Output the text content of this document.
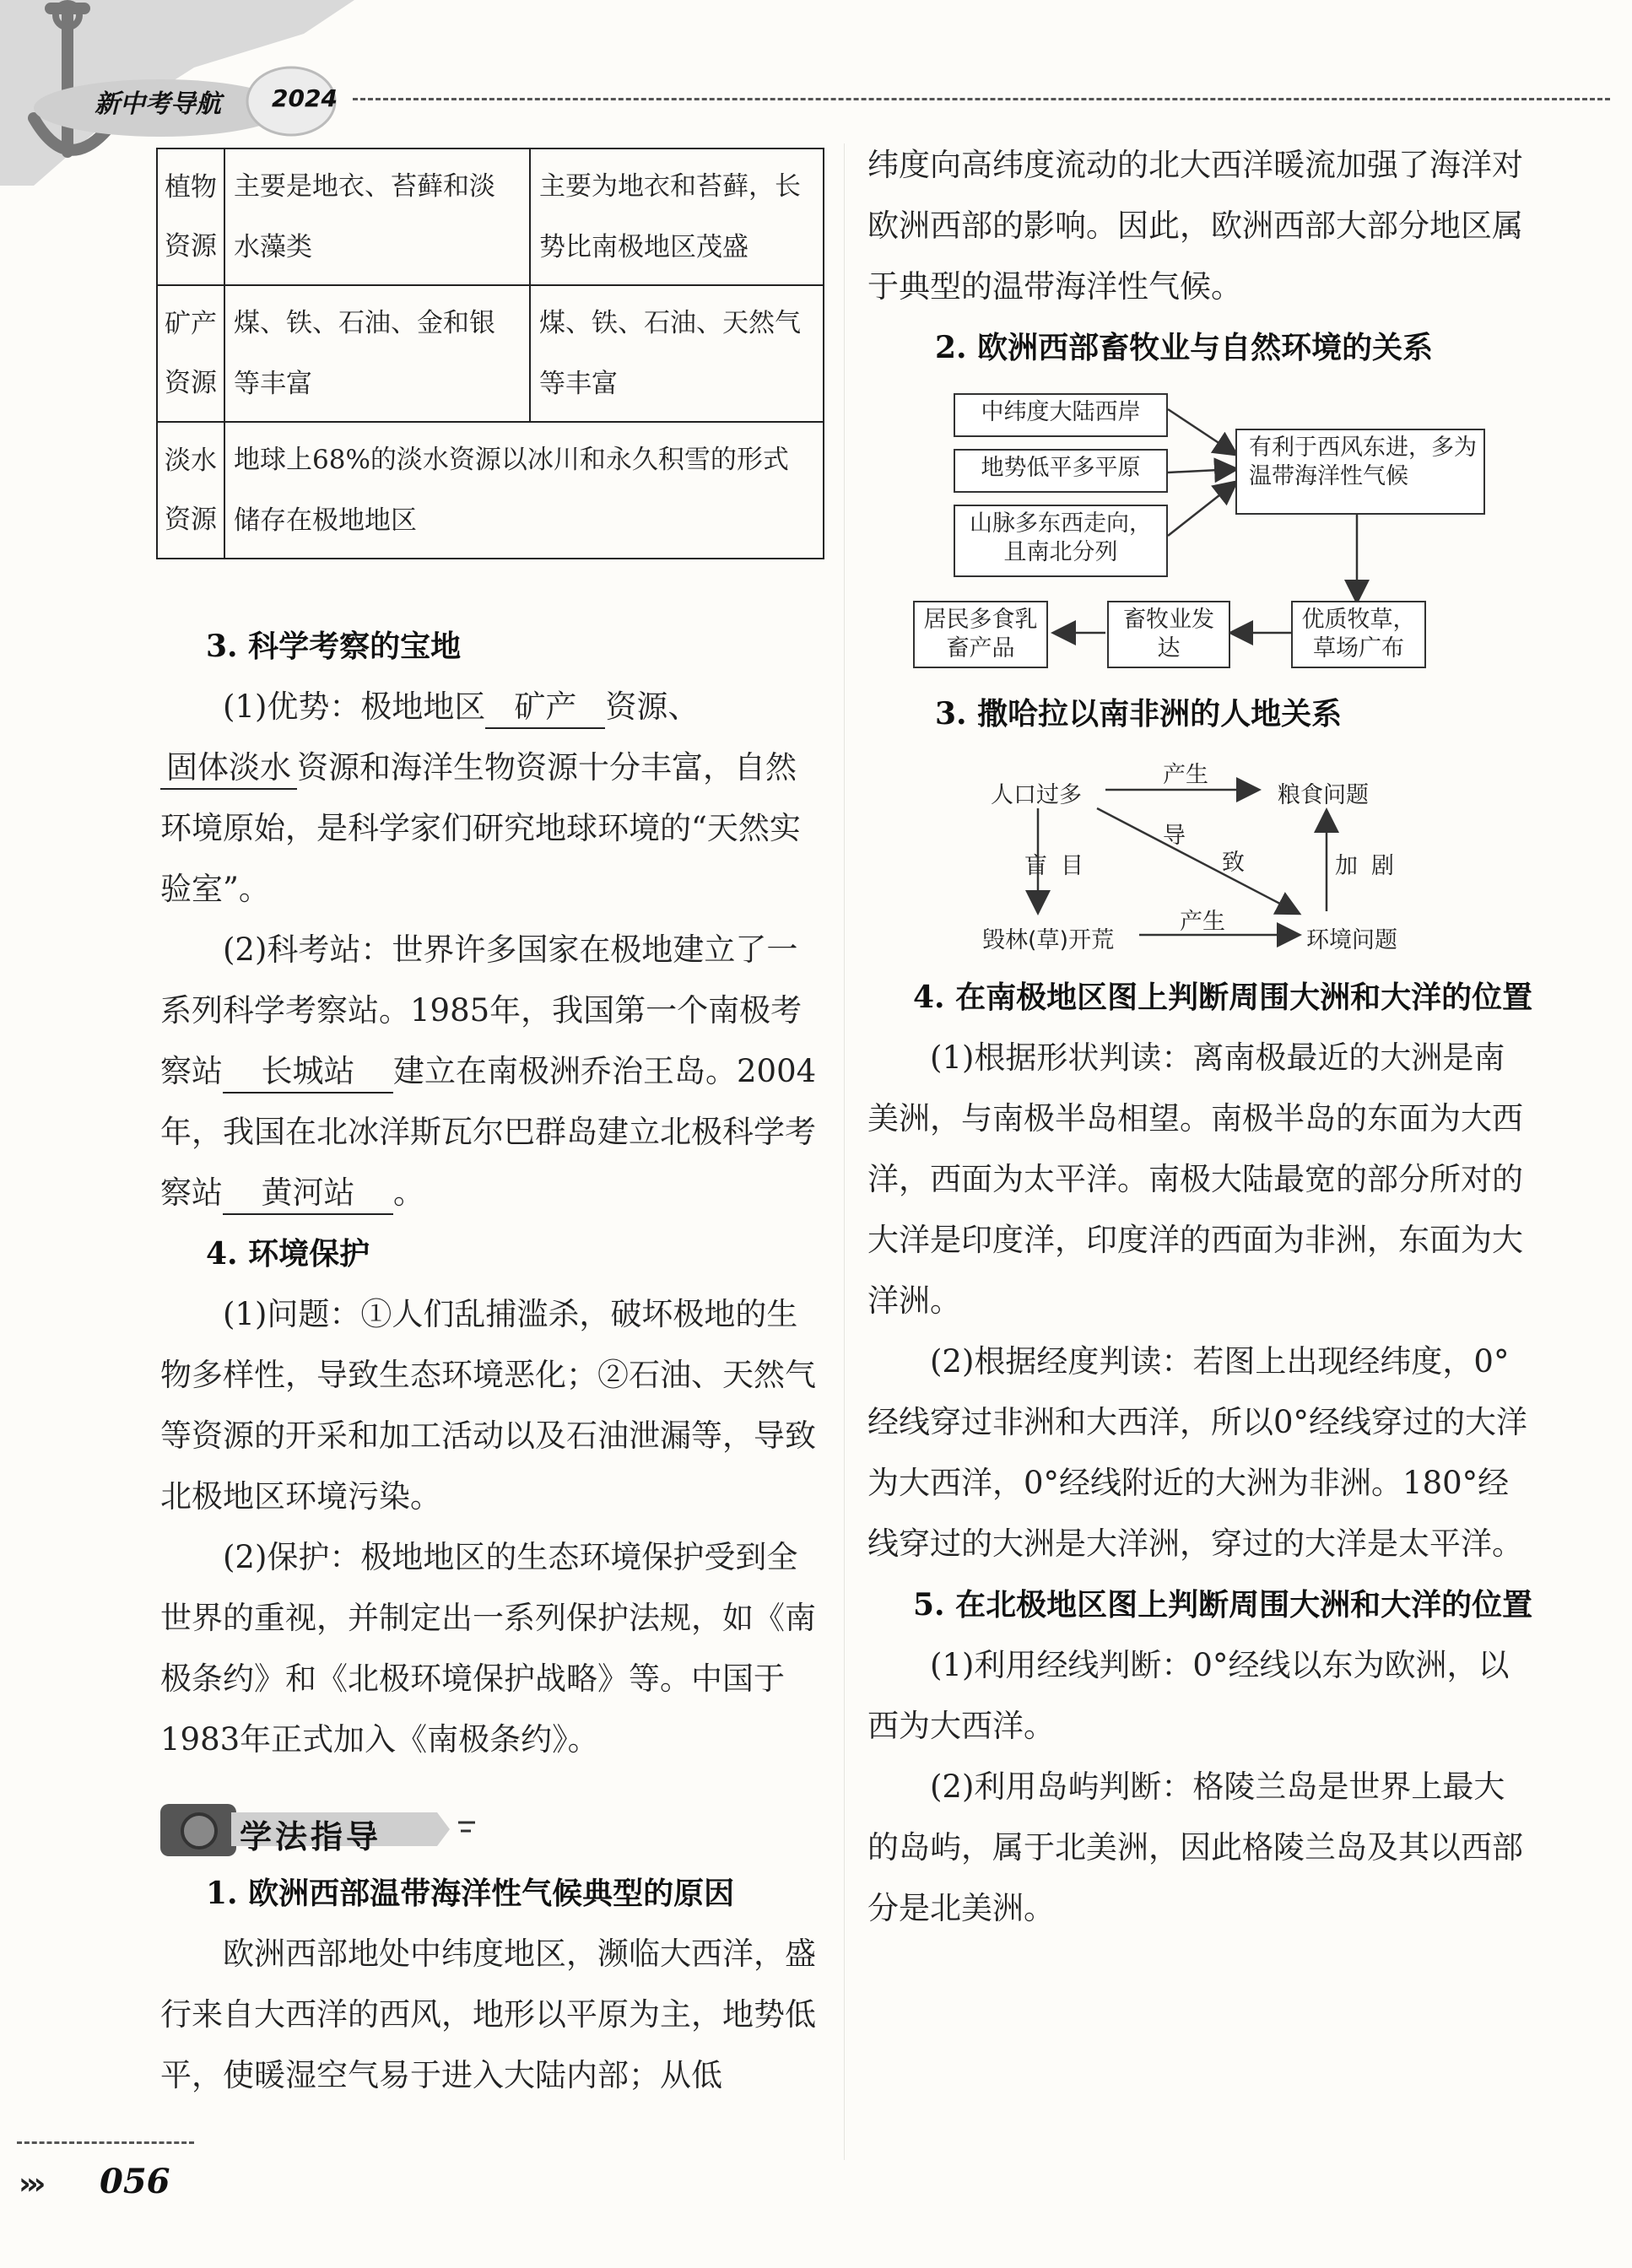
新中考导航 2024
植物资源	主要是地衣、苔藓和淡水藻类	主要为地衣和苔藓，长势比南极地区茂盛
矿产资源	煤、铁、石油、金和银等丰富	煤、铁、石油、天然气等丰富
淡水资源	地球上68%的淡水资源以冰川和永久积雪的形式储存在极地地区	
3. 科学考察的宝地
(1)优势：极地地区 矿产 资源、固体淡水 资源和海洋生物资源十分丰富，自然环境原始，是科学家们研究地球环境的“天然实验室”。
(2)科考站：世界许多国家在极地建立了一系列科学考察站。1985年，我国第一个南极考察站 长城站 建立在南极洲乔治王岛。2004年，我国在北冰洋斯瓦尔巴群岛建立北极科学考察站 黄河站 。
4. 环境保护
(1)问题：①人们乱捕滥杀，破坏极地的生物多样性，导致生态环境恶化；②石油、天然气等资源的开采和加工活动以及石油泄漏等，导致北极地区环境污染。
(2)保护：极地地区的生态环境保护受到全世界的重视，并制定出一系列保护法规，如《南极条约》和《北极环境保护战略》等。中国于1983年正式加入《南极条约》。
1. 欧洲西部温带海洋性气候典型的原因
欧洲西部地处中纬度地区，濒临大西洋，盛行来自大西洋的西风，地形以平原为主，地势低平，使暖湿空气易于进入大陆内部；从低
学法指导
纬度向高纬度流动的北大西洋暖流加强了海洋对欧洲西部的影响。因此，欧洲西部大部分地区属于典型的温带海洋性气候。
2. 欧洲西部畜牧业与自然环境的关系
中纬度大陆西岸
地势低平多平原
山脉多东西走向，且南北分列
有利于西风东进，多为温带海洋性气候
优质牧草，草场广布
畜牧业发达
居民多食乳畜产品
3. 撒哈拉以南非洲的人地关系
人口过多	粮食问题
毁林(草)开荒	环境问题
产生
产生
盲目
导
致	加剧
4. 在南极地区图上判断周围大洲和大洋的位置
(1)根据形状判读：离南极最近的大洲是南美洲，与南极半岛相望。南极半岛的东面为大西洋，西面为太平洋。南极大陆最宽的部分所对的大洋是印度洋，印度洋的西面为非洲，东面为大洋洲。
(2)根据经度判读：若图上出现经纬度，0°经线穿过非洲和大西洋，所以0°经线穿过的大洋为大西洋，0°经线附近的大洲为非洲。180°经线穿过的大洲是大洋洲，穿过的大洋是太平洋。
5. 在北极地区图上判断周围大洲和大洋的位置
(1)利用经线判断：0°经线以东为欧洲，以西为大西洋。
(2)利用岛屿判断：格陵兰岛是世界上最大的岛屿，属于北美洲，因此格陵兰岛及其以西部分是北美洲。
››› 056
